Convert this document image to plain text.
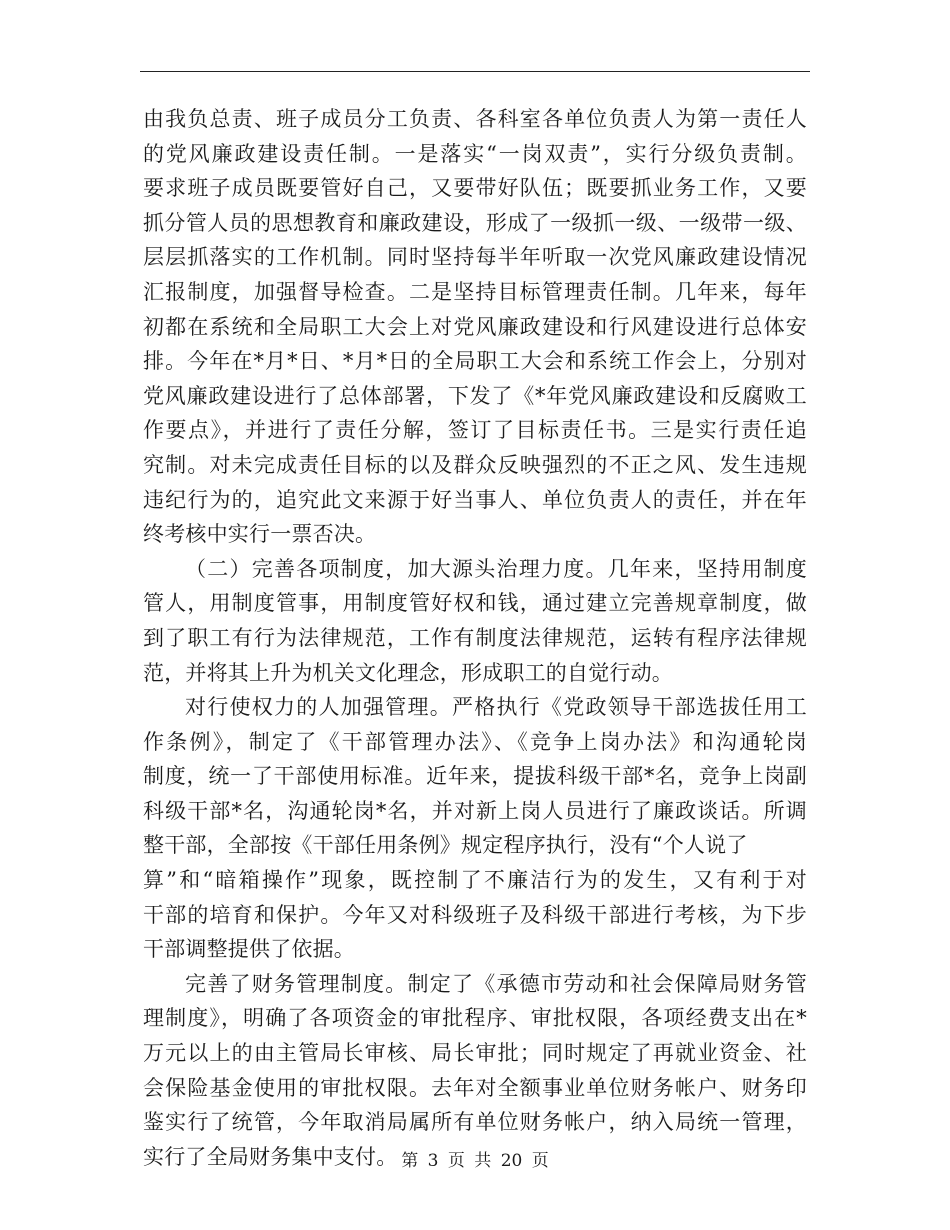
由我负总责、班子成员分工负责、各科室各单位负责人为第一责任人
的党风廉政建设责任制。一是落实“一岗双责”，实行分级负责制。
要求班子成员既要管好自己，又要带好队伍；既要抓业务工作，又要
抓分管人员的思想教育和廉政建设，形成了一级抓一级、一级带一级、
层层抓落实的工作机制。同时坚持每半年听取一次党风廉政建设情况
汇报制度，加强督导检查。二是坚持目标管理责任制。几年来，每年
初都在系统和全局职工大会上对党风廉政建设和行风建设进行总体安
排。今年在*月*日、*月*日的全局职工大会和系统工作会上，分别对
党风廉政建设进行了总体部署，下发了《*年党风廉政建设和反腐败工
作要点》，并进行了责任分解，签订了目标责任书。三是实行责任追
究制。对未完成责任目标的以及群众反映强烈的不正之风、发生违规
违纪行为的，追究此文来源于好当事人、单位负责人的责任，并在年
终考核中实行一票否决。
（二）完善各项制度，加大源头治理力度。几年来，坚持用制度
管人，用制度管事，用制度管好权和钱，通过建立完善规章制度，做
到了职工有行为法律规范，工作有制度法律规范，运转有程序法律规
范，并将其上升为机关文化理念，形成职工的自觉行动。
对行使权力的人加强管理。严格执行《党政领导干部选拔任用工
作条例》，制定了《干部管理办法》、《竞争上岗办法》和沟通轮岗
制度，统一了干部使用标准。近年来，提拔科级干部*名，竞争上岗副
科级干部*名，沟通轮岗*名，并对新上岗人员进行了廉政谈话。所调
整干部，全部按《干部任用条例》规定程序执行，没有“个人说了
算”和“暗箱操作”现象，既控制了不廉洁行为的发生，又有利于对
干部的培育和保护。今年又对科级班子及科级干部进行考核，为下步
干部调整提供了依据。
完善了财务管理制度。制定了《承德市劳动和社会保障局财务管
理制度》，明确了各项资金的审批程序、审批权限，各项经费支出在*
万元以上的由主管局长审核、局长审批；同时规定了再就业资金、社
会保险基金使用的审批权限。去年对全额事业单位财务帐户、财务印
鉴实行了统管，今年取消局属所有单位财务帐户，纳入局统一管理，
实行了全局财务集中支付。 第 3 页 共 20 页
